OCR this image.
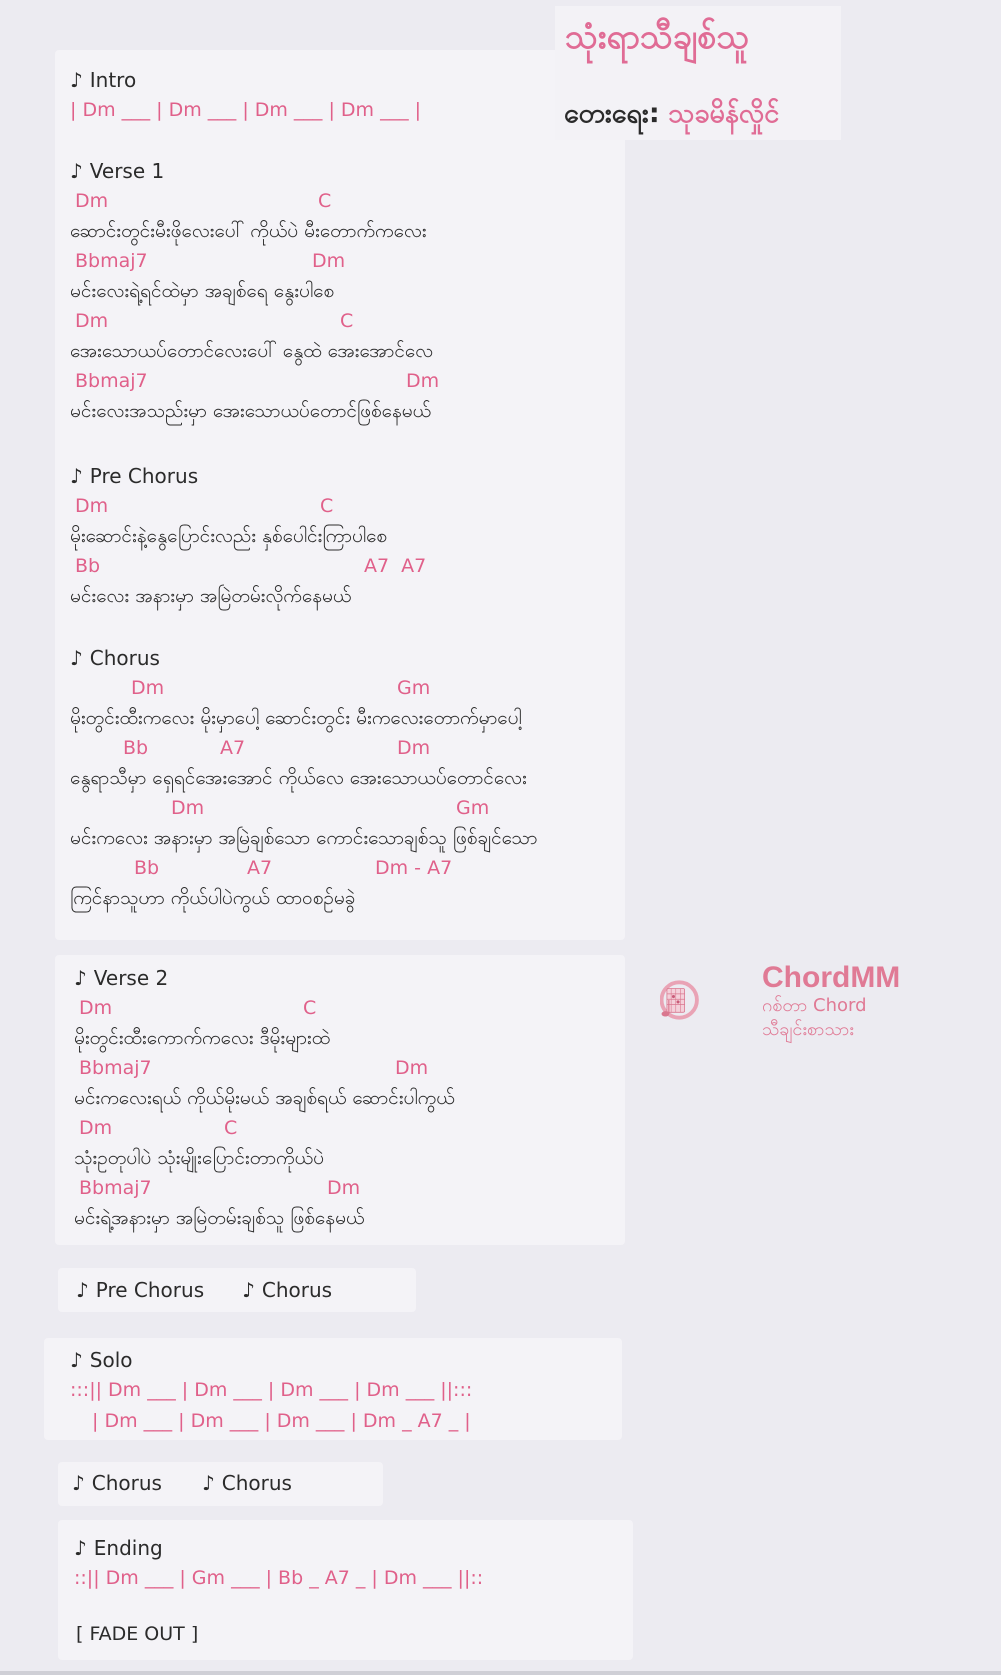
သုံးရာသီချစ်သူ
တေးရေး: သုခမိန်လှိုင်
♪ Intro
| Dm ___ | Dm ___ | Dm ___ | Dm ___ |
♪ Verse 1
Dm	C
ဆောင်းတွင်းမီးဖိုလေးပေါ် ကိုယ်ပဲ မီးတောက်ကလေး
Bbmaj7	Dm
မင်းလေးရဲ့ရင်ထဲမှာ အချစ်ရေ နွေးပါစေ
Dm	C
အေးသောယပ်တောင်လေးပေါ် နွေထဲ အေးအောင်လေ
Bbmaj7	Dm
မင်းလေးအသည်းမှာ အေးသောယပ်တောင်ဖြစ်နေမယ်
♪ Pre Chorus
Dm	C
မိုးဆောင်းနဲ့နွေပြောင်းလည်း နှစ်ပေါင်းကြာပါစေ
Bb	A7  A7
မင်းလေး အနားမှာ အမြဲတမ်းလိုက်နေမယ်
♪ Chorus
Dm	Gm
မိုးတွင်းထီးကလေး မိုးမှာပေါ့ ဆောင်းတွင်း မီးကလေးတောက်မှာပေါ့
Bb	A7	Dm
နွေရာသီမှာ ရှေရင်အေးအောင် ကိုယ်လေ အေးသောယပ်တောင်လေး
Dm	Gm
မင်းကလေး အနားမှာ အမြဲချစ်သော ကောင်းသောချစ်သူ ဖြစ်ချင်သော
Bb	A7	Dm - A7
ကြင်နာသူဟာ ကိုယ်ပါပဲကွယ် ထာဝစဉ်မခွဲ
♪ Verse 2
Dm	C
မိုးတွင်းထီးကောက်ကလေး ဒီမိုးများထဲ
Bbmaj7	Dm
မင်းကလေးရယ် ကိုယ်မိုးမယ် အချစ်ရယ် ဆောင်းပါကွယ်
Dm	C
သုံးဥတုပါပဲ သုံးမျိုးပြောင်းတာကိုယ်ပဲ
Bbmaj7	Dm
မင်းရဲ့အနားမှာ အမြဲတမ်းချစ်သူ ဖြစ်နေမယ်
♪ Pre Chorus ♪ Chorus
♪ Solo
:::|| Dm ___ | Dm ___ | Dm ___ | Dm ___ ||:::
| Dm ___ | Dm ___ | Dm ___ | Dm _ A7 _ |
♪ Chorus ♪ Chorus
♪ Ending
::|| Dm ___ | Gm ___ | Bb _ A7 _ | Dm ___ ||::
[ FADE OUT ]
ChordMM
ဂစ်တာ Chord
သီချင်းစာသား
